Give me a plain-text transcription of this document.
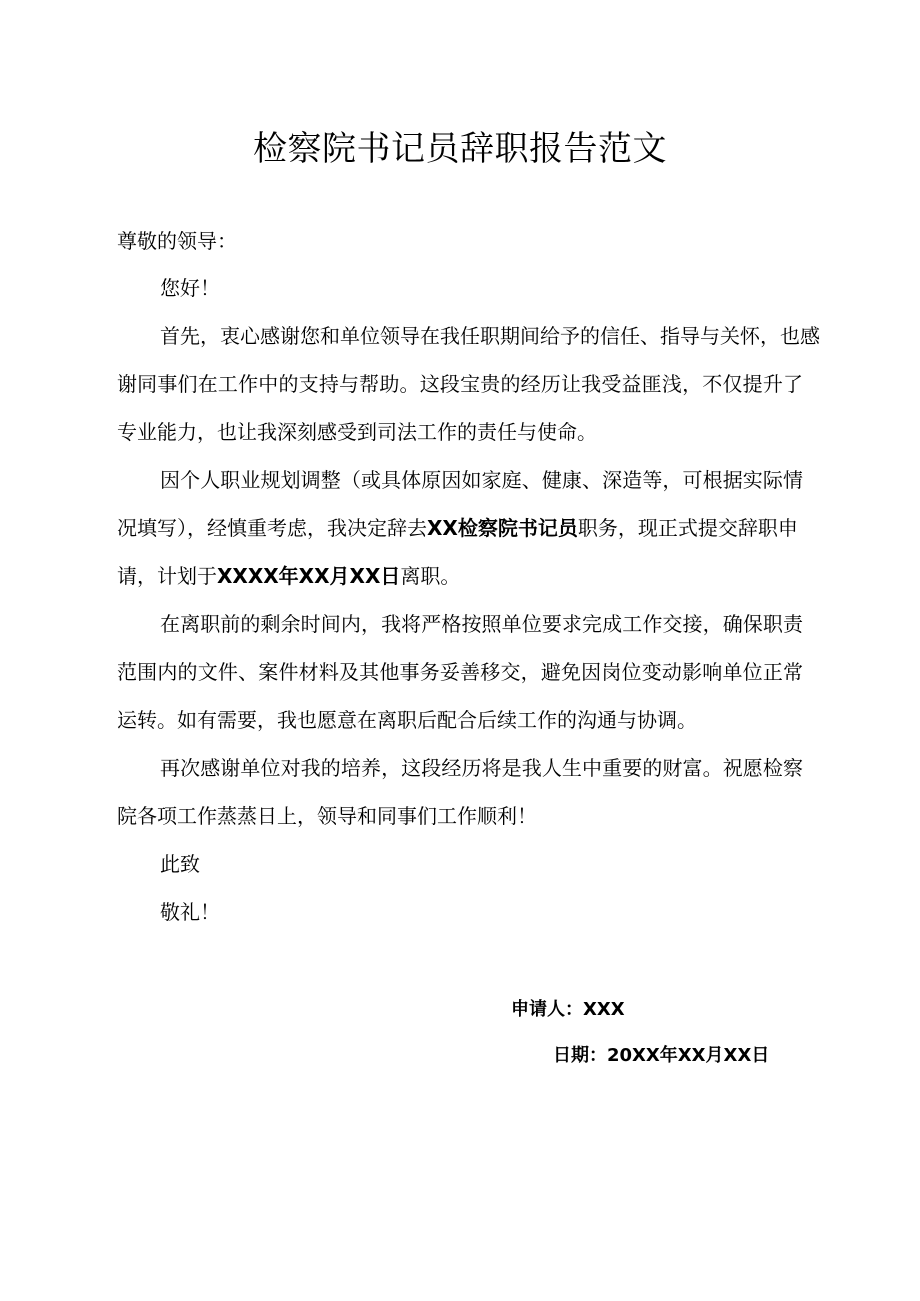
检察院书记员辞职报告范文
尊敬的领导：
您好！
首先，衷心感谢您和单位领导在我任职期间给予的信任、指导与关怀，也感
谢同事们在工作中的支持与帮助。这段宝贵的经历让我受益匪浅，不仅提升了
专业能力，也让我深刻感受到司法工作的责任与使命。
因个人职业规划调整（或具体原因如家庭、健康、深造等，可根据实际情
况填写），经慎重考虑，我决定辞去XX检察院书记员职务，现正式提交辞职申
请，计划于XXXX年XX月XX日离职。
在离职前的剩余时间内，我将严格按照单位要求完成工作交接，确保职责
范围内的文件、案件材料及其他事务妥善移交，避免因岗位变动影响单位正常
运转。如有需要，我也愿意在离职后配合后续工作的沟通与协调。
再次感谢单位对我的培养，这段经历将是我人生中重要的财富。祝愿检察
院各项工作蒸蒸日上，领导和同事们工作顺利！
此致
敬礼！
申请人：XXX
日期：20XX年XX月XX日
